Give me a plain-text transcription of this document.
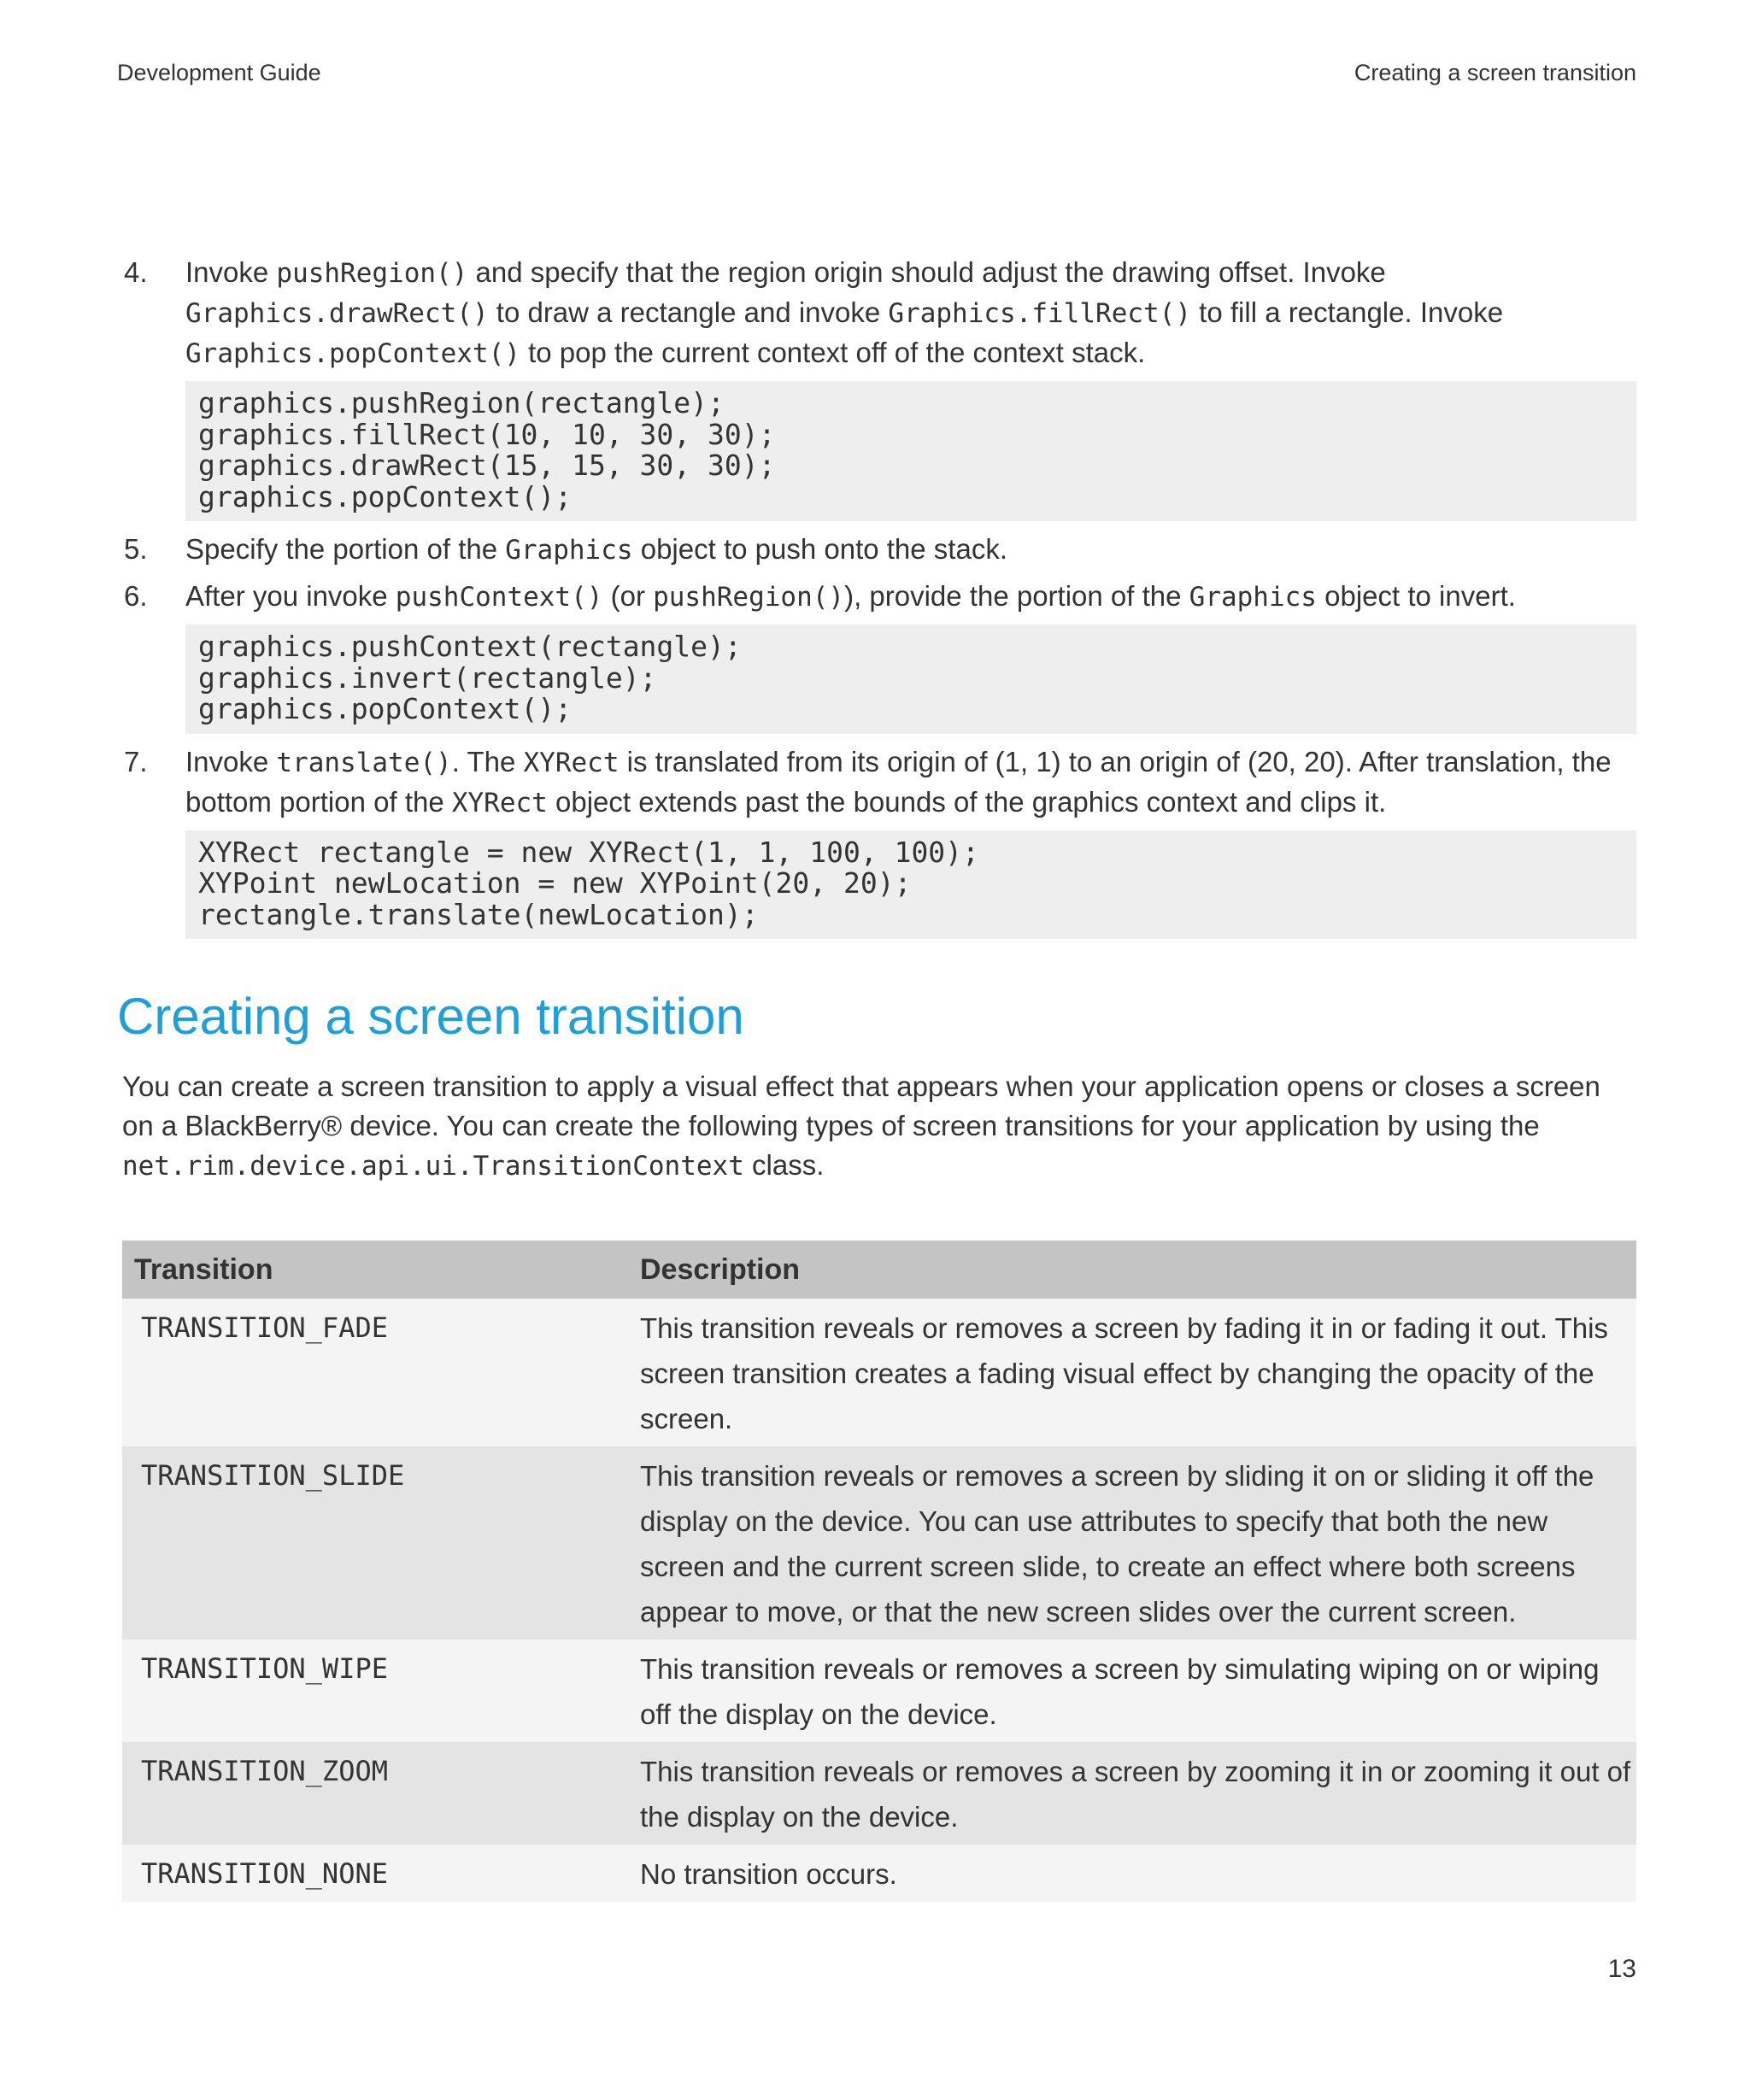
Development Guide	Creating a screen transition
4. Invoke pushRegion() and specify that the region origin should adjust the drawing offset. Invoke Graphics.drawRect() to draw a rectangle and invoke Graphics.fillRect() to fill a rectangle. Invoke Graphics.popContext() to pop the current context off of the context stack.

graphics.pushRegion(rectangle);
graphics.fillRect(10, 10, 30, 30);
graphics.drawRect(15, 15, 30, 30);
graphics.popContext();
5. Specify the portion of the Graphics object to push onto the stack.

6. After you invoke pushContext() (or pushRegion()), provide the portion of the Graphics object to invert.

graphics.pushContext(rectangle);
graphics.invert(rectangle);
graphics.popContext();
7. Invoke translate(). The XYRect is translated from its origin of (1, 1) to an origin of (20, 20). After translation, the bottom portion of the XYRect object extends past the bounds of the graphics context and clips it.

XYRect rectangle = new XYRect(1, 1, 100, 100);
XYPoint newLocation = new XYPoint(20, 20);
rectangle.translate(newLocation);
Creating a screen transition

You can create a screen transition to apply a visual effect that appears when your application opens or closes a screen on a BlackBerry® device. You can create the following types of screen transitions for your application by using the net.rim.device.api.ui.TransitionContext class.

Transition	Description
TRANSITION_FADE	This transition reveals or removes a screen by fading it in or fading it out. This screen transition creates a fading visual effect by changing the opacity of the screen.
TRANSITION_SLIDE	This transition reveals or removes a screen by sliding it on or sliding it off the display on the device. You can use attributes to specify that both the new screen and the current screen slide, to create an effect where both screens appear to move, or that the new screen slides over the current screen.
TRANSITION_WIPE	This transition reveals or removes a screen by simulating wiping on or wiping off the display on the device.
TRANSITION_ZOOM	This transition reveals or removes a screen by zooming it in or zooming it out of the display on the device.
TRANSITION_NONE	No transition occurs.
13
